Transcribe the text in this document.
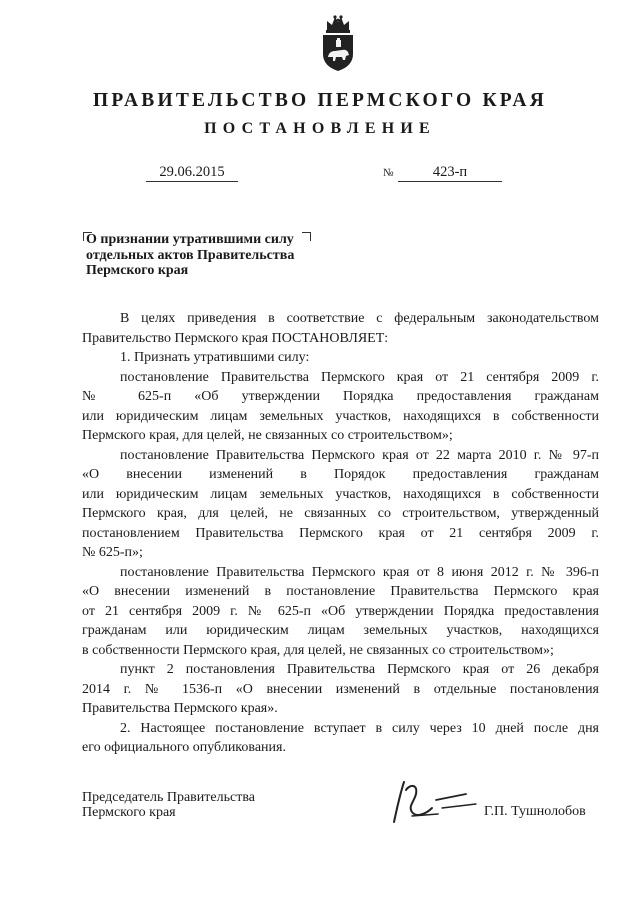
ПРАВИТЕЛЬСТВО ПЕРМСКОГО КРАЯ
ПОСТАНОВЛЕНИЕ
29.06.2015	№	423-п
О признании утратившими силу
отдельных актов Правительства
Пермского края

В целях приведения в соответствие с федеральным законодательством

Правительство Пермского края ПОСТАНОВЛЯЕТ:

1. Признать утратившими силу:

постановление Правительства Пермского края от 21 сентября 2009 г.

№ 625-п «Об утверждении Порядка предоставления гражданам

или юридическим лицам земельных участков, находящихся в собственности

Пермского края, для целей, не связанных со строительством»;

постановление Правительства Пермского края от 22 марта 2010 г. № 97-п

«О внесении изменений в Порядок предоставления гражданам

или юридическим лицам земельных участков, находящихся в собственности

Пермского края, для целей, не связанных со строительством, утвержденный

постановлением Правительства Пермского края от 21 сентября 2009 г.

№ 625-п»;

постановление Правительства Пермского края от 8 июня 2012 г. № 396-п

«О внесении изменений в постановление Правительства Пермского края

от 21 сентября 2009 г. № 625-п «Об утверждении Порядка предоставления

гражданам или юридическим лицам земельных участков, находящихся

в собственности Пермского края, для целей, не связанных со строительством»;

пункт 2 постановления Правительства Пермского края от 26 декабря

2014 г. № 1536-п «О внесении изменений в отдельные постановления

Правительства Пермского края».

2. Настоящее постановление вступает в силу через 10 дней после дня

его официального опубликования.

Председатель Правительства
Пермского края	Г.П. Тушнолобов
